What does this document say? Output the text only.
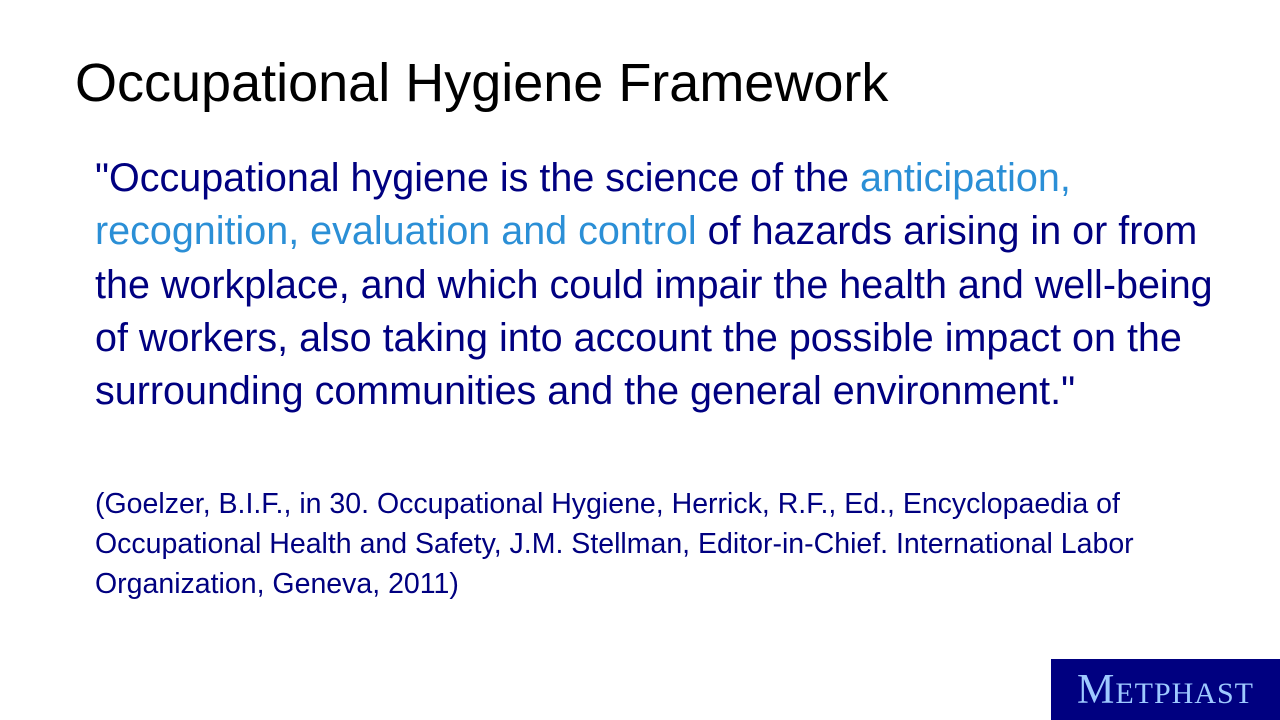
Occupational Hygiene Framework

"Occupational hygiene is the science of the anticipation, recognition, evaluation and control of hazards arising in or from the workplace, and which could impair the health and well-being of workers, also taking into account the possible impact on the surrounding communities and the general environment."

(Goelzer, B.I.F., in 30. Occupational Hygiene, Herrick, R.F., Ed., Encyclopaedia of Occupational Health and Safety, J.M. Stellman, Editor-in-Chief. International Labor Organization, Geneva, 2011)

METPHAST
